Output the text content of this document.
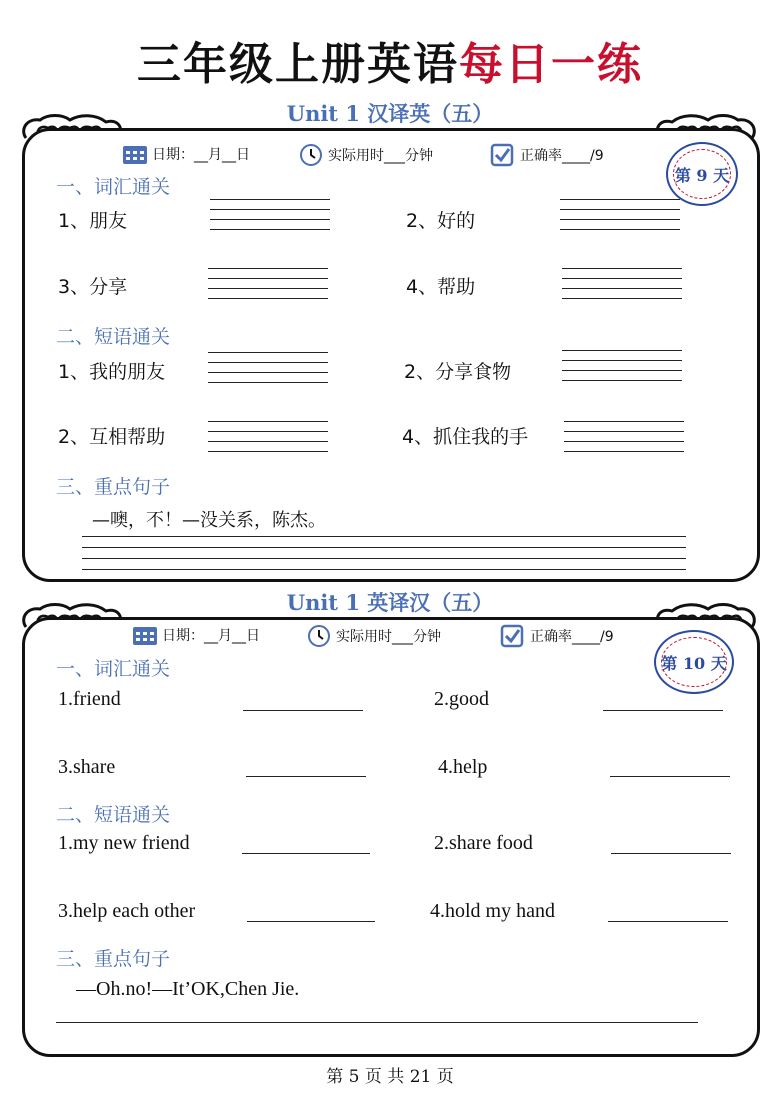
三年级上册英语每日一练
Unit 1 汉译英（五）
日期：__月__日	实际用时___分钟	正确率____/9
第 9 天
一、词汇通关
1、朋友	2、好的
3、分享	4、帮助
二、短语通关
1、我的朋友	2、分享食物
2、互相帮助	4、抓住我的手
三、重点句子
—噢，不！—没关系，陈杰。
Unit 1 英译汉（五）
日期：__月__日	实际用时___分钟	正确率____/9
第 10 天
一、词汇通关
1.friend	2.good
3.share	4.help
二、短语通关
1.my new friend	2.share food
3.help each other	4.hold my hand
三、重点句子
—Oh.no!—It’OK,Chen Jie.
第 5 页 共 21 页
